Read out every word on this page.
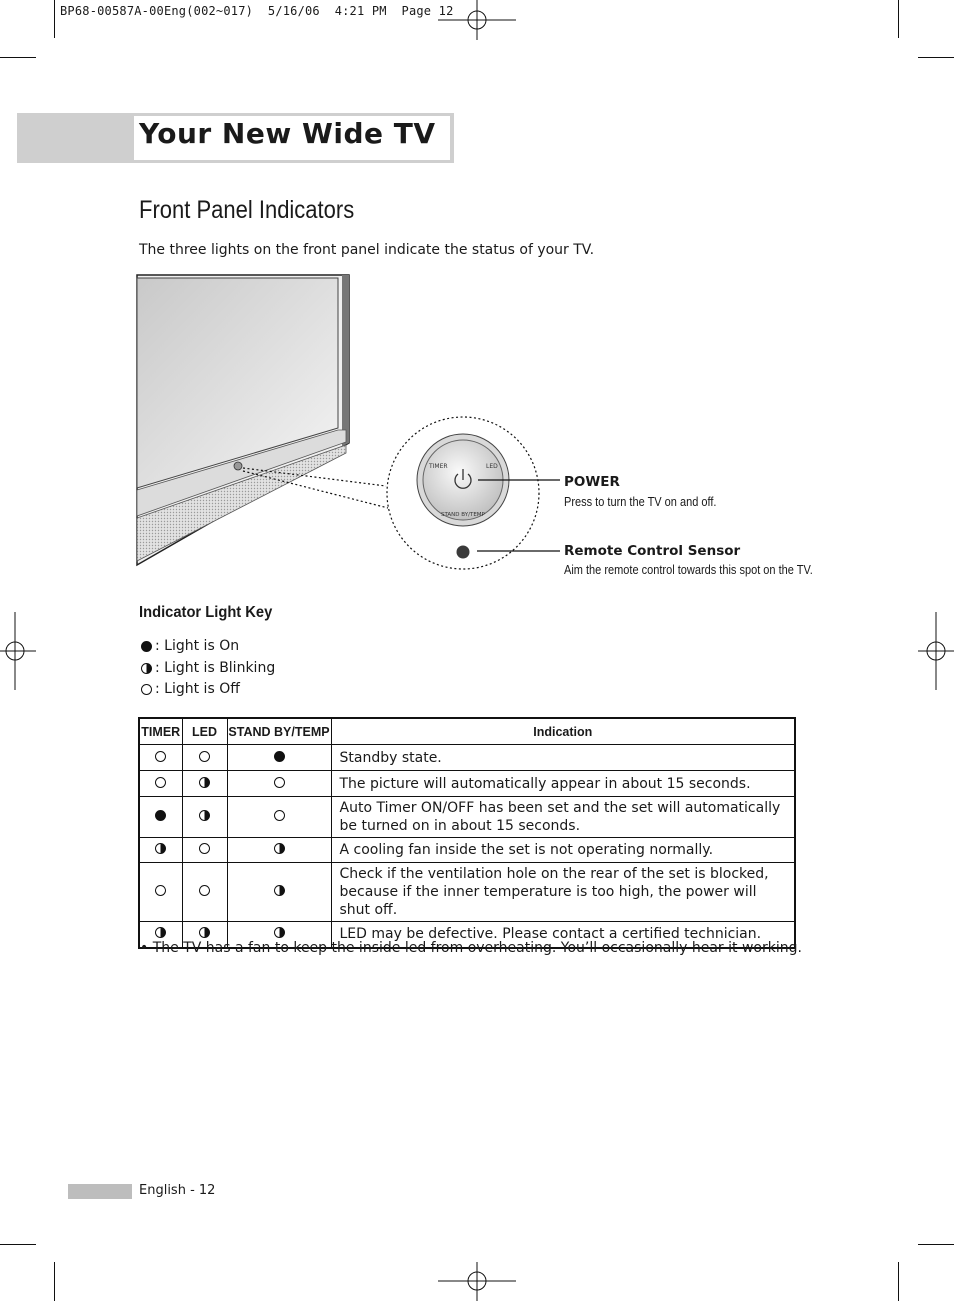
BP68-00587A-00Eng(002~017)  5/16/06  4:21 PM  Page 12
Your New Wide TV
Front Panel Indicators
The three lights on the front panel indicate the status of your TV.
TIMER	LED
STAND BY/TEMP
POWER
Press to turn the TV on and off.
Remote Control Sensor
Aim the remote control towards this spot on the TV.
Indicator Light Key
: Light is On
: Light is Blinking
: Light is Off
TIMER	LED	STAND BY/TEMP	Indication
			Standby state.
			The picture will automatically appear in about 15 seconds.
			Auto Timer ON/OFF has been set and the set will automatically be turned on in about 15 seconds.
			A cooling fan inside the set is not operating normally.
			Check if the ventilation hole on the rear of the set is blocked, because if the inner temperature is too high, the power will shut off.
			LED may be defective. Please contact a certified technician.
• The TV has a fan to keep the inside led from overheating. You’ll occasionally hear it working.
English - 12
